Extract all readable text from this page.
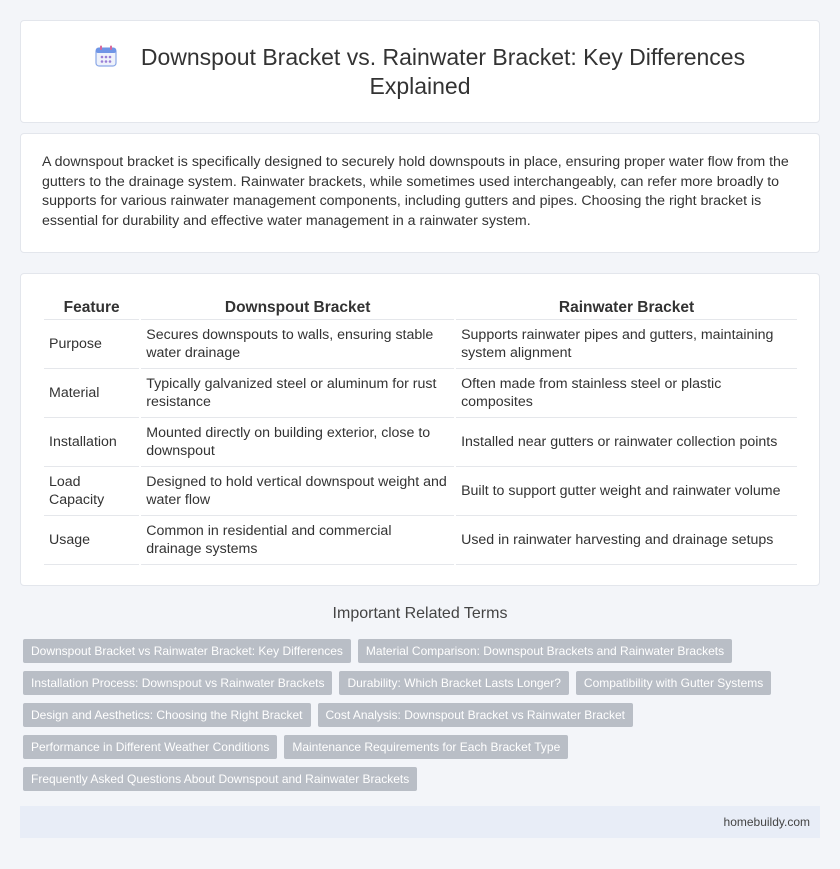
Downspout Bracket vs. Rainwater Bracket: Key Differences Explained

A downspout bracket is specifically designed to securely hold downspouts in place, ensuring proper water flow from the gutters to the drainage system. Rainwater brackets, while sometimes used interchangeably, can refer more broadly to supports for various rainwater management components, including gutters and pipes. Choosing the right bracket is essential for durability and effective water management in a rainwater system.

Feature	Downspout Bracket	Rainwater Bracket
Purpose	Secures downspouts to walls, ensuring stable water drainage	Supports rainwater pipes and gutters, maintaining system alignment
Material	Typically galvanized steel or aluminum for rust resistance	Often made from stainless steel or plastic composites
Installation	Mounted directly on building exterior, close to downspout	Installed near gutters or rainwater collection points
Load Capacity	Designed to hold vertical downspout weight and water flow	Built to support gutter weight and rainwater volume
Usage	Common in residential and commercial drainage systems	Used in rainwater harvesting and drainage setups
Important Related Terms
Downspout Bracket vs Rainwater Bracket: Key Differences	Material Comparison: Downspout Brackets and Rainwater Brackets
Installation Process: Downspout vs Rainwater Brackets	Durability: Which Bracket Lasts Longer?	Compatibility with Gutter Systems
Design and Aesthetics: Choosing the Right Bracket	Cost Analysis: Downspout Bracket vs Rainwater Bracket
Performance in Different Weather Conditions	Maintenance Requirements for Each Bracket Type
Frequently Asked Questions About Downspout and Rainwater Brackets
homebuildy.com
